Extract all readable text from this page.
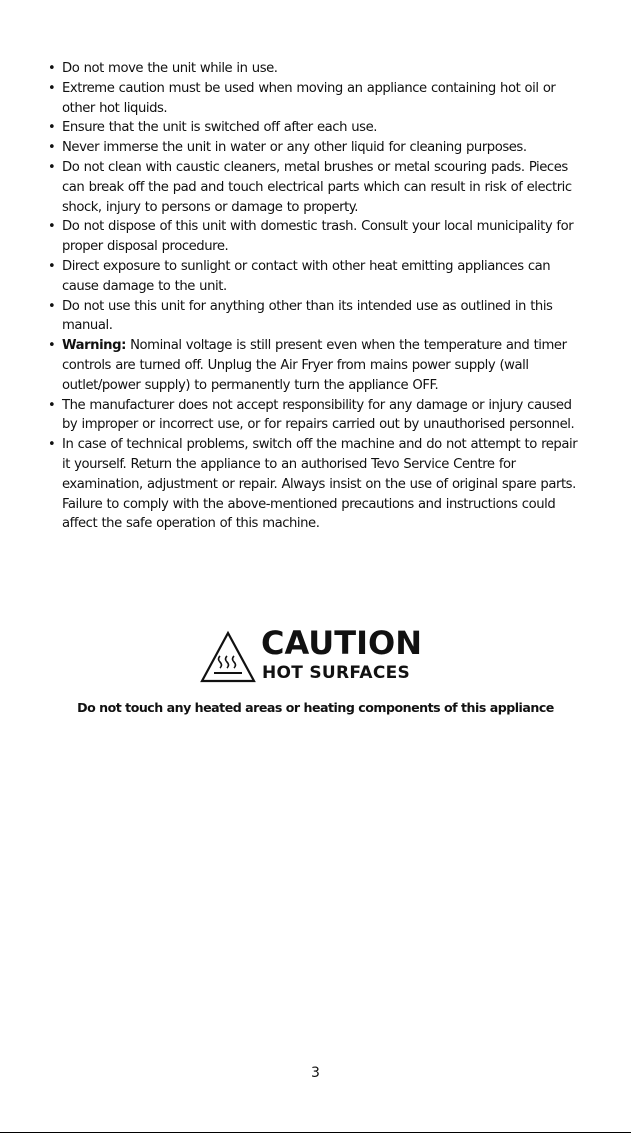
• Do not move the unit while in use.
• Extreme caution must be used when moving an appliance containing hot oil or other hot liquids.
• Ensure that the unit is switched off after each use.
• Never immerse the unit in water or any other liquid for cleaning purposes.
• Do not clean with caustic cleaners, metal brushes or metal scouring pads. Pieces can break off the pad and touch electrical parts which can result in risk of electric shock, injury to persons or damage to property.
• Do not dispose of this unit with domestic trash. Consult your local municipality for proper disposal procedure.
• Direct exposure to sunlight or contact with other heat emitting appliances can cause damage to the unit.
• Do not use this unit for anything other than its intended use as outlined in this manual.
• Warning: Nominal voltage is still present even when the temperature and timer controls are turned off. Unplug the Air Fryer from mains power supply (wall outlet/power supply) to permanently turn the appliance OFF.
• The manufacturer does not accept responsibility for any damage or injury caused by improper or incorrect use, or for repairs carried out by unauthorised personnel.
• In case of technical problems, switch off the machine and do not attempt to repair it yourself. Return the appliance to an authorised Tevo Service Centre for examination, adjustment or repair. Always insist on the use of original spare parts. Failure to comply with the above-mentioned precautions and instructions could affect the safe operation of this machine.
CAUTION
HOT SURFACES
Do not touch any heated areas or heating components of this appliance
3
